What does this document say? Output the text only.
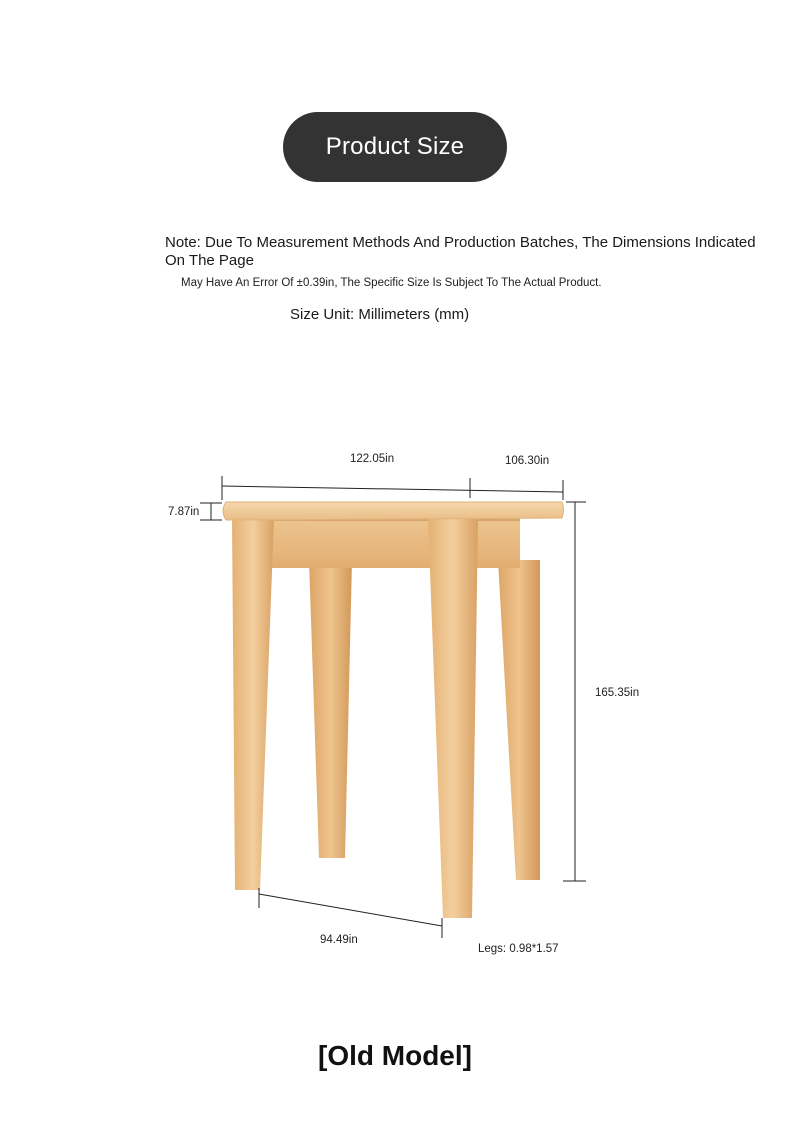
Product Size
Note: Due To Measurement Methods And Production Batches, The Dimensions Indicated On The Page
May Have An Error Of ±0.39in, The Specific Size Is Subject To The Actual Product.
Size Unit: Millimeters (mm)
122.05in	106.30in
7.87in
165.35in
94.49in
Legs: 0.98*1.57
[Old Model]
